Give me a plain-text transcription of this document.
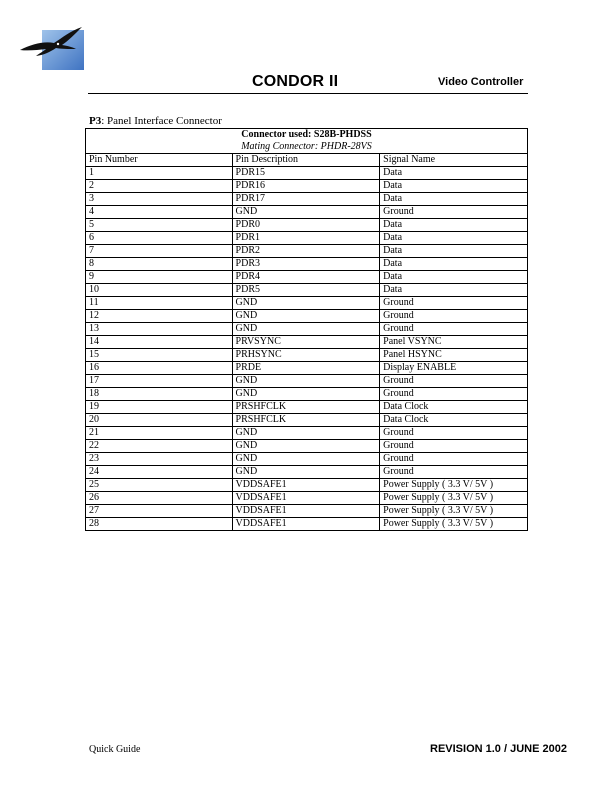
CONDOR II	Video Controller
P3: Panel Interface Connector
Connector used: S28B-PHDSS		
Mating Connector: PHDR-28VS		
Pin Number	Pin Description	Signal Name
1	PDR15	Data
2	PDR16	Data
3	PDR17	Data
4	GND	Ground
5	PDR0	Data
6	PDR1	Data
7	PDR2	Data
8	PDR3	Data
9	PDR4	Data
10	PDR5	Data
11	GND	Ground
12	GND	Ground
13	GND	Ground
14	PRVSYNC	Panel VSYNC
15	PRHSYNC	Panel HSYNC
16	PRDE	Display ENABLE
17	GND	Ground
18	GND	Ground
19	PRSHFCLK	Data Clock
20	PRSHFCLK	Data Clock
21	GND	Ground
22	GND	Ground
23	GND	Ground
24	GND	Ground
25	VDDSAFE1	Power Supply ( 3.3 V/ 5V )
26	VDDSAFE1	Power Supply ( 3.3 V/ 5V )
27	VDDSAFE1	Power Supply ( 3.3 V/ 5V )
28	VDDSAFE1	Power Supply ( 3.3 V/ 5V )
Quick Guide	REVISION 1.0 / JUNE 2002
